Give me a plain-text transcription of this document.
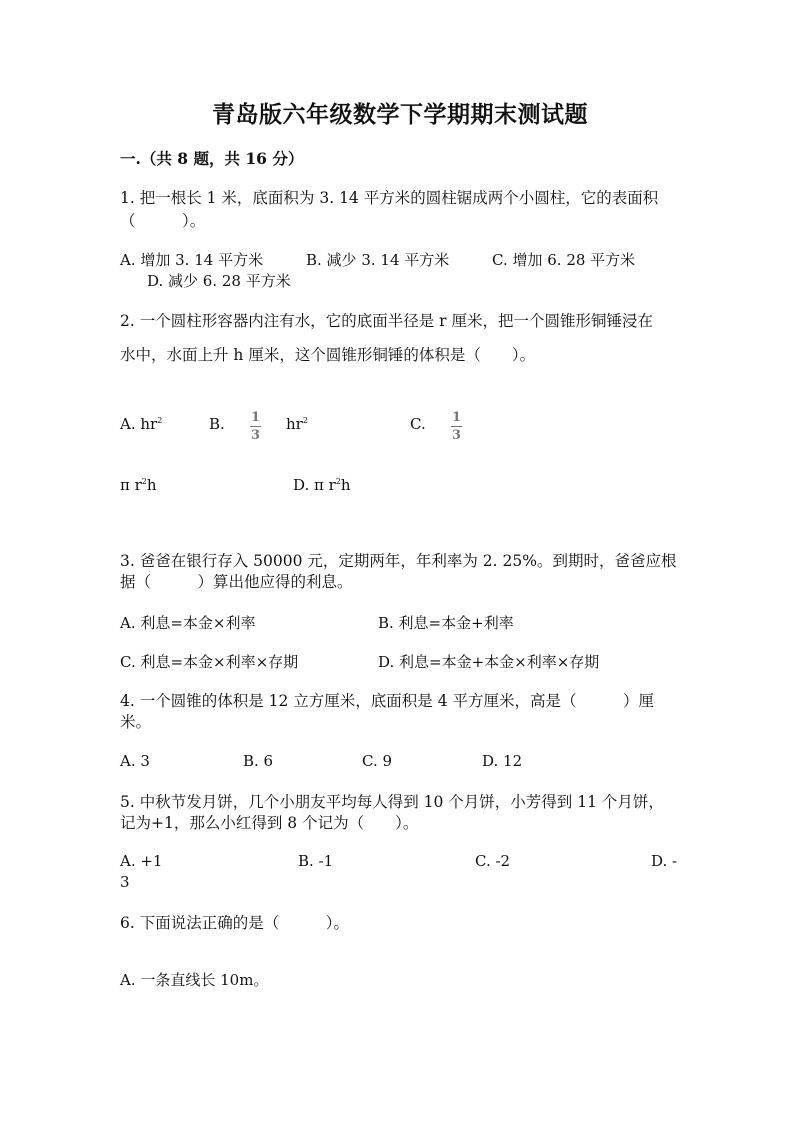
青岛版六年级数学下学期期末测试题
一.（共 8 题，共 16 分）
1. 把一根长 1 米，底面积为 3. 14 平方米的圆柱锯成两个小圆柱，它的表面积
（　　　）。
A. 增加 3. 14 平方米	B. 减少 3. 14 平方米	C. 增加 6. 28 平方米
D. 减少 6. 28 平方米
2. 一个圆柱形容器内注有水，它的底面半径是 r 厘米，把一个圆锥形铜锤浸在
水中，水面上升 h 厘米，这个圆锥形铜锤的体积是（　　）。
A. $hr^2$	B. 1
3
$hr^2$	C. 1
3
π $r^2h$	D. π $r^2h$
3. 爸爸在银行存入 50000 元，定期两年，年利率为 2. 25%。到期时，爸爸应根
据（　　　）算出他应得的利息。
A. 利息=本金×利率	B. 利息=本金+利率
C. 利息=本金×利率×存期	D. 利息=本金+本金×利率×存期
4. 一个圆锥的体积是 12 立方厘米，底面积是 4 平方厘米，高是（　　　）厘
米。
A. 3	B. 6	C. 9	D. 12
5. 中秋节发月饼，几个小朋友平均每人得到 10 个月饼，小芳得到 11 个月饼，
记为+1，那么小红得到 8 个记为（　　）。
A. +1	B. -1	C. -2	D. -
3
6. 下面说法正确的是（　　　）。
A. 一条直线长 10m。
